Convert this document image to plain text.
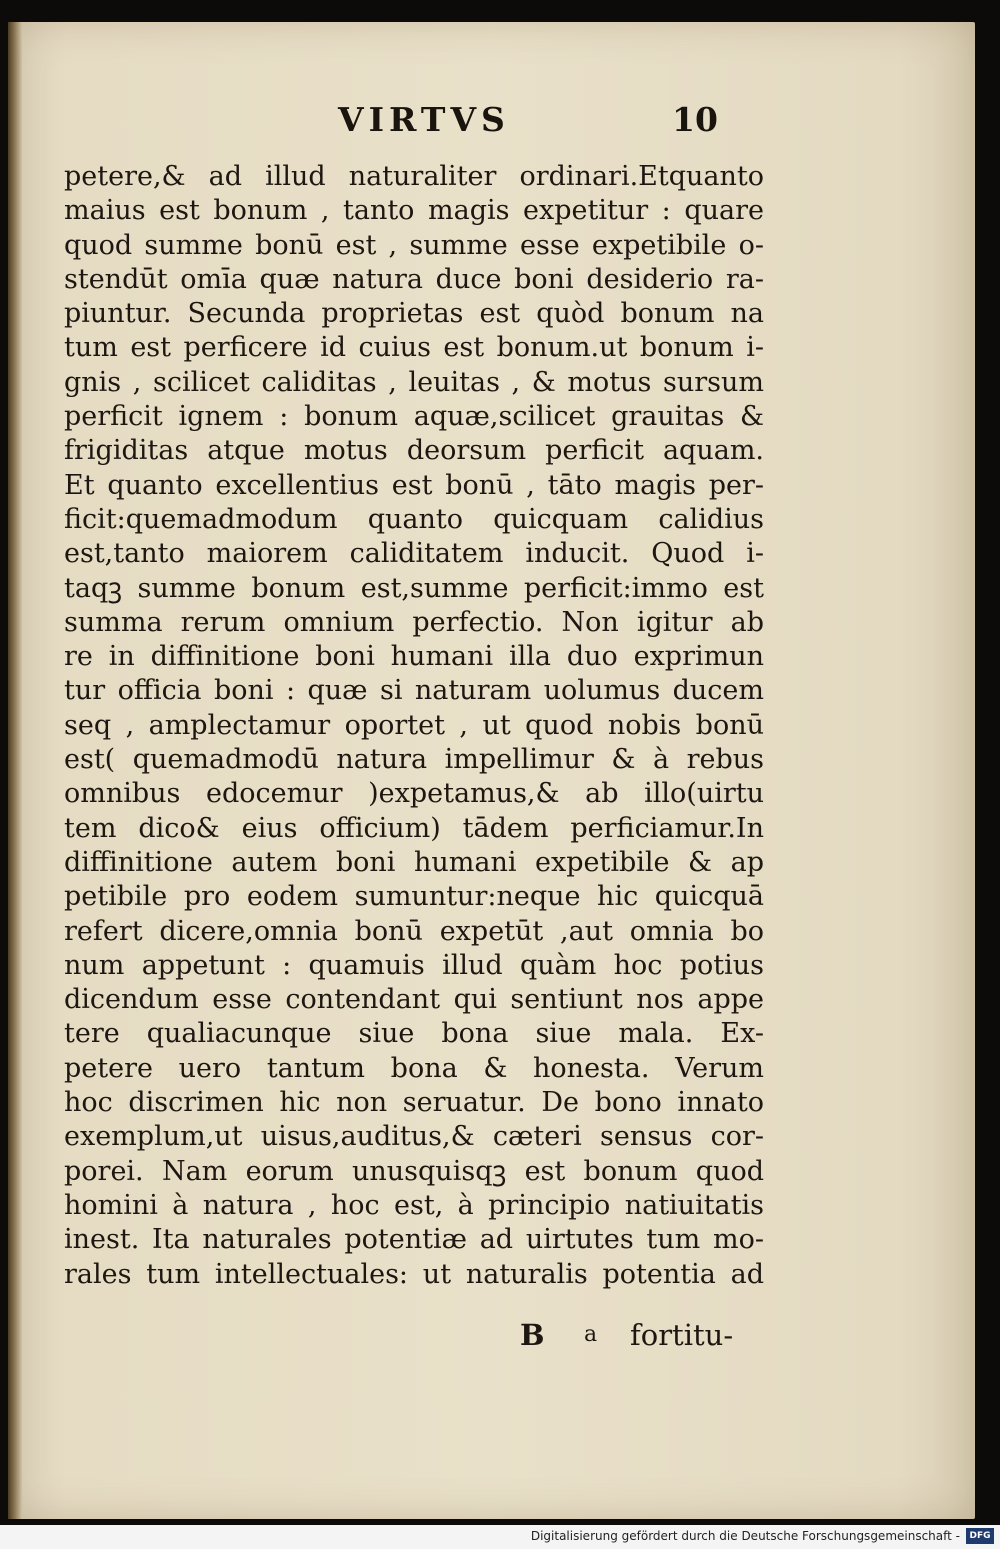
VIRTVS	10
petere,& ad illud naturaliter ordinari.Etquanto
maius est bonum , tanto magis expetitur : quare
quod summe bonū est , summe esse expetibile o-
stendūt omīa quæ natura duce boni desiderio ra-
piuntur. Secunda proprietas est quòd bonum na
tum est perficere id cuius est bonum.ut bonum i-
gnis , scilicet caliditas , leuitas , & motus sursum
perficit ignem : bonum aquæ,scilicet grauitas &
frigiditas atque motus deorsum perficit aquam.
Et quanto excellentius est bonū , tāto magis per-
ficit:quemadmodum quanto quicquam calidius
est,tanto maiorem caliditatem inducit. Quod i-
taqꝫ summe bonum est,summe perficit:immo est
summa rerum omnium perfectio. Non igitur ab
re in diffinitione boni humani illa duo exprimun
tur officia boni : quæ si naturam uolumus ducem
seq , amplectamur oportet , ut quod nobis bonū
est( quemadmodū natura impellimur & à rebus
omnibus edocemur )expetamus,& ab illo(uirtu
tem dico& eius officium) tādem perficiamur.In
diffinitione autem boni humani expetibile & ap
petibile pro eodem sumuntur:neque hic quicquā
refert dicere,omnia bonū expetūt ,aut omnia bo
num appetunt : quamuis illud quàm hoc potius
dicendum esse contendant qui sentiunt nos appe
tere qualiacunque siue bona siue mala. Ex-
petere uero tantum bona & honesta. Verum
hoc discrimen hic non seruatur. De bono innato
exemplum,ut uisus,auditus,& cæteri sensus cor-
porei. Nam eorum unusquisqꝫ est bonum quod
homini à natura , hoc est, à principio natiuitatis
inest. Ita naturales potentiæ ad uirtutes tum mo-
rales tum intellectuales: ut naturalis potentia ad
B a fortitu-
Digitalisierung gefördert durch die Deutsche Forschungsgemeinschaft -	DFG
